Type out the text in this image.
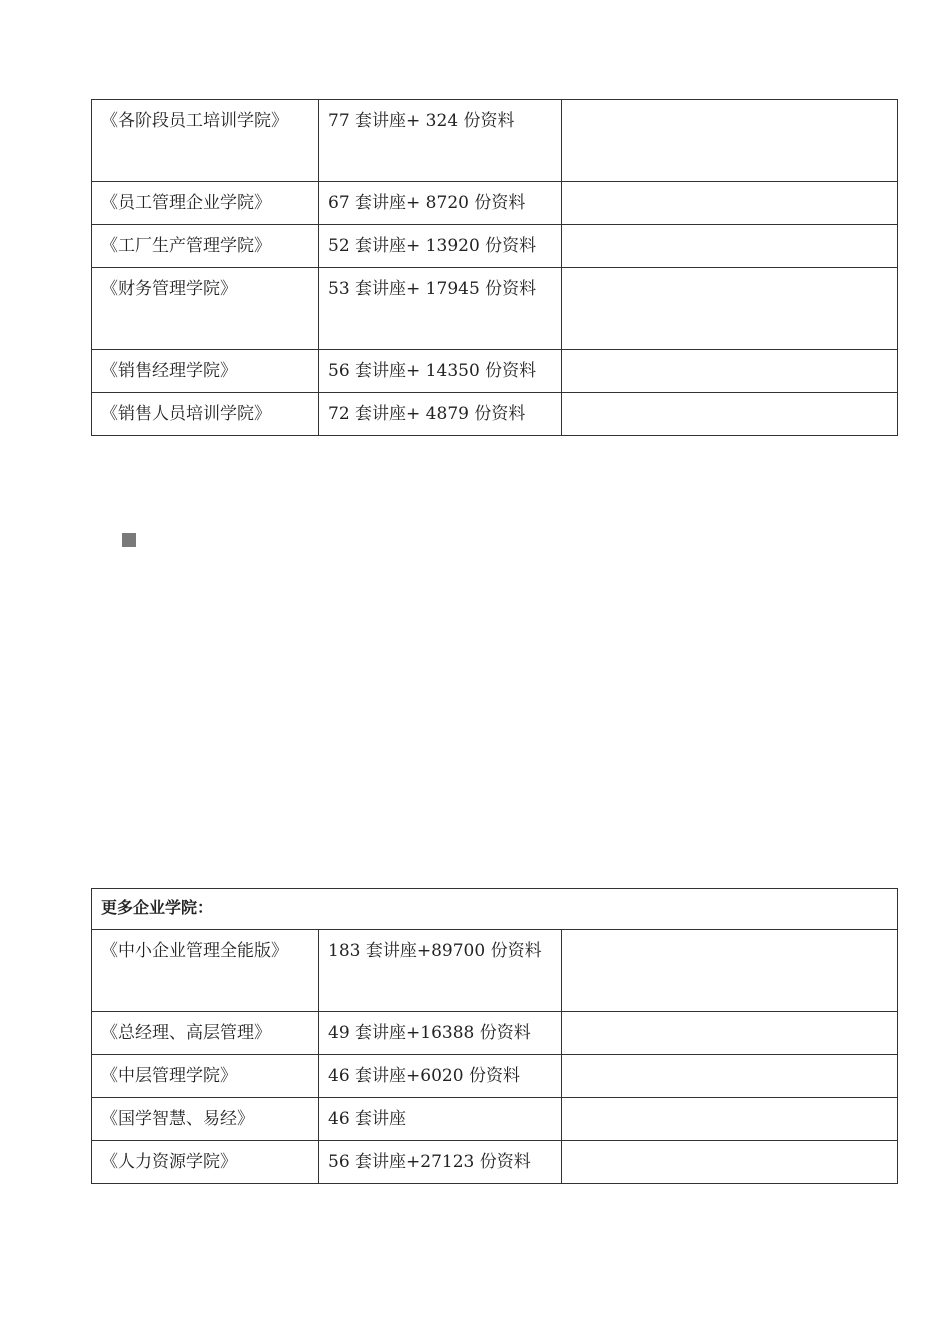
《各阶段员工培训学院》	77 套讲座+ 324 份资料	

《员工管理企业学院》	67 套讲座+ 8720 份资料	

《工厂生产管理学院》	52 套讲座+ 13920 份资料	

《财务管理学院》	53 套讲座+ 17945 份资料	

《销售经理学院》	56 套讲座+ 14350 份资料	

《销售人员培训学院》	72 套讲座+ 4879 份资料	

更多企业学院：		

《中小企业管理全能版》	183 套讲座+89700 份资料	

《总经理、高层管理》	49 套讲座+16388 份资料	

《中层管理学院》	46 套讲座+6020 份资料	

《国学智慧、易经》	46 套讲座	

《人力资源学院》	56 套讲座+27123 份资料	
